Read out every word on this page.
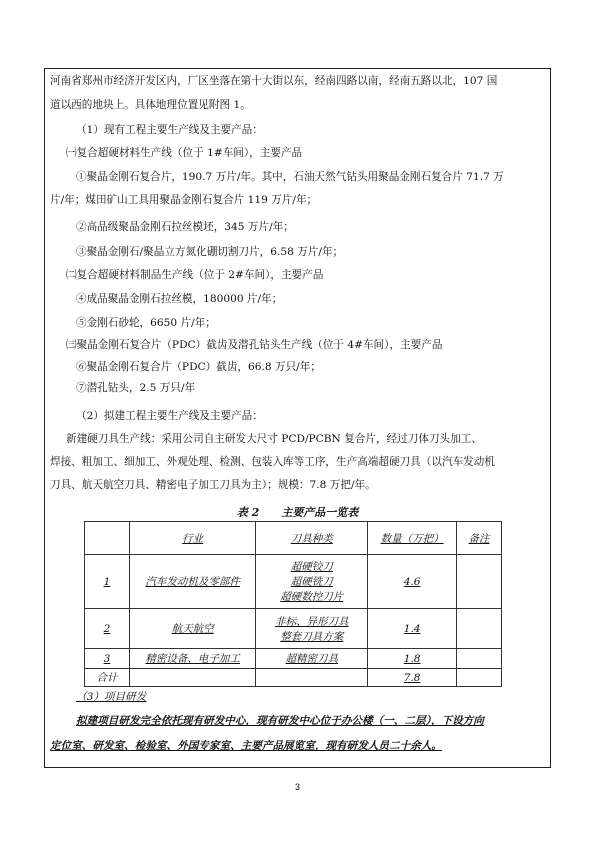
河南省郑州市经济开发区内，厂区坐落在第十大街以东，经南四路以南，经南五路以北，107 国
道以西的地块上。具体地理位置见附图 1。
（1）现有工程主要生产线及主要产品：
㈠复合超硬材料生产线（位于 1#车间），主要产品
①聚晶金刚石复合片，190.7 万片/年。其中，石油天然气钻头用聚晶金刚石复合片 71.7 万
片/年；煤田矿山工具用聚晶金刚石复合片 119 万片/年；
②高品级聚晶金刚石拉丝模坯，345 万片/年；
③聚晶金刚石/聚晶立方氮化硼切割刀片，6.58 万片/年；
㈡复合超硬材料制品生产线（位于 2#车间），主要产品
④成品聚晶金刚石拉丝模，180000 片/年；
⑤金刚石砂轮，6650 片/年；
㈢聚晶金刚石复合片（PDC）截齿及潜孔钻头生产线（位于 4#车间），主要产品
⑥聚晶金刚石复合片（PDC）截齿，66.8 万只/年；
⑦潜孔钻头，2.5 万只/年
（2）拟建工程主要生产线及主要产品：
新建硬刀具生产线：采用公司自主研发大尺寸 PCD/PCBN 复合片，经过刀体刀头加工、
焊接、粗加工、细加工、外观处理、检测、包装入库等工序，生产高端超硬刀具（以汽车发动机
刀具、航天航空刀具、精密电子加工刀具为主）；规模：7.8 万把/年。
表 2　　主要产品一览表
	行业	刀具种类	数量（万把）	备注
1	汽车发动机及零部件	超硬铰刀
超硬铣刀
超硬数控刀片	4.6	
2	航天航空	非标、异形刀具
整套刀具方案	1.4	
3	精密设备、电子加工	超精密刀具	1.8	
合计			7.8	
（3）项目研发
拟建项目研发完全依托现有研发中心，现有研发中心位于办公楼（一、二层），下设方向
定位室、研发室、检验室、外国专家室、主要产品展览室，现有研发人员二十余人。
3
